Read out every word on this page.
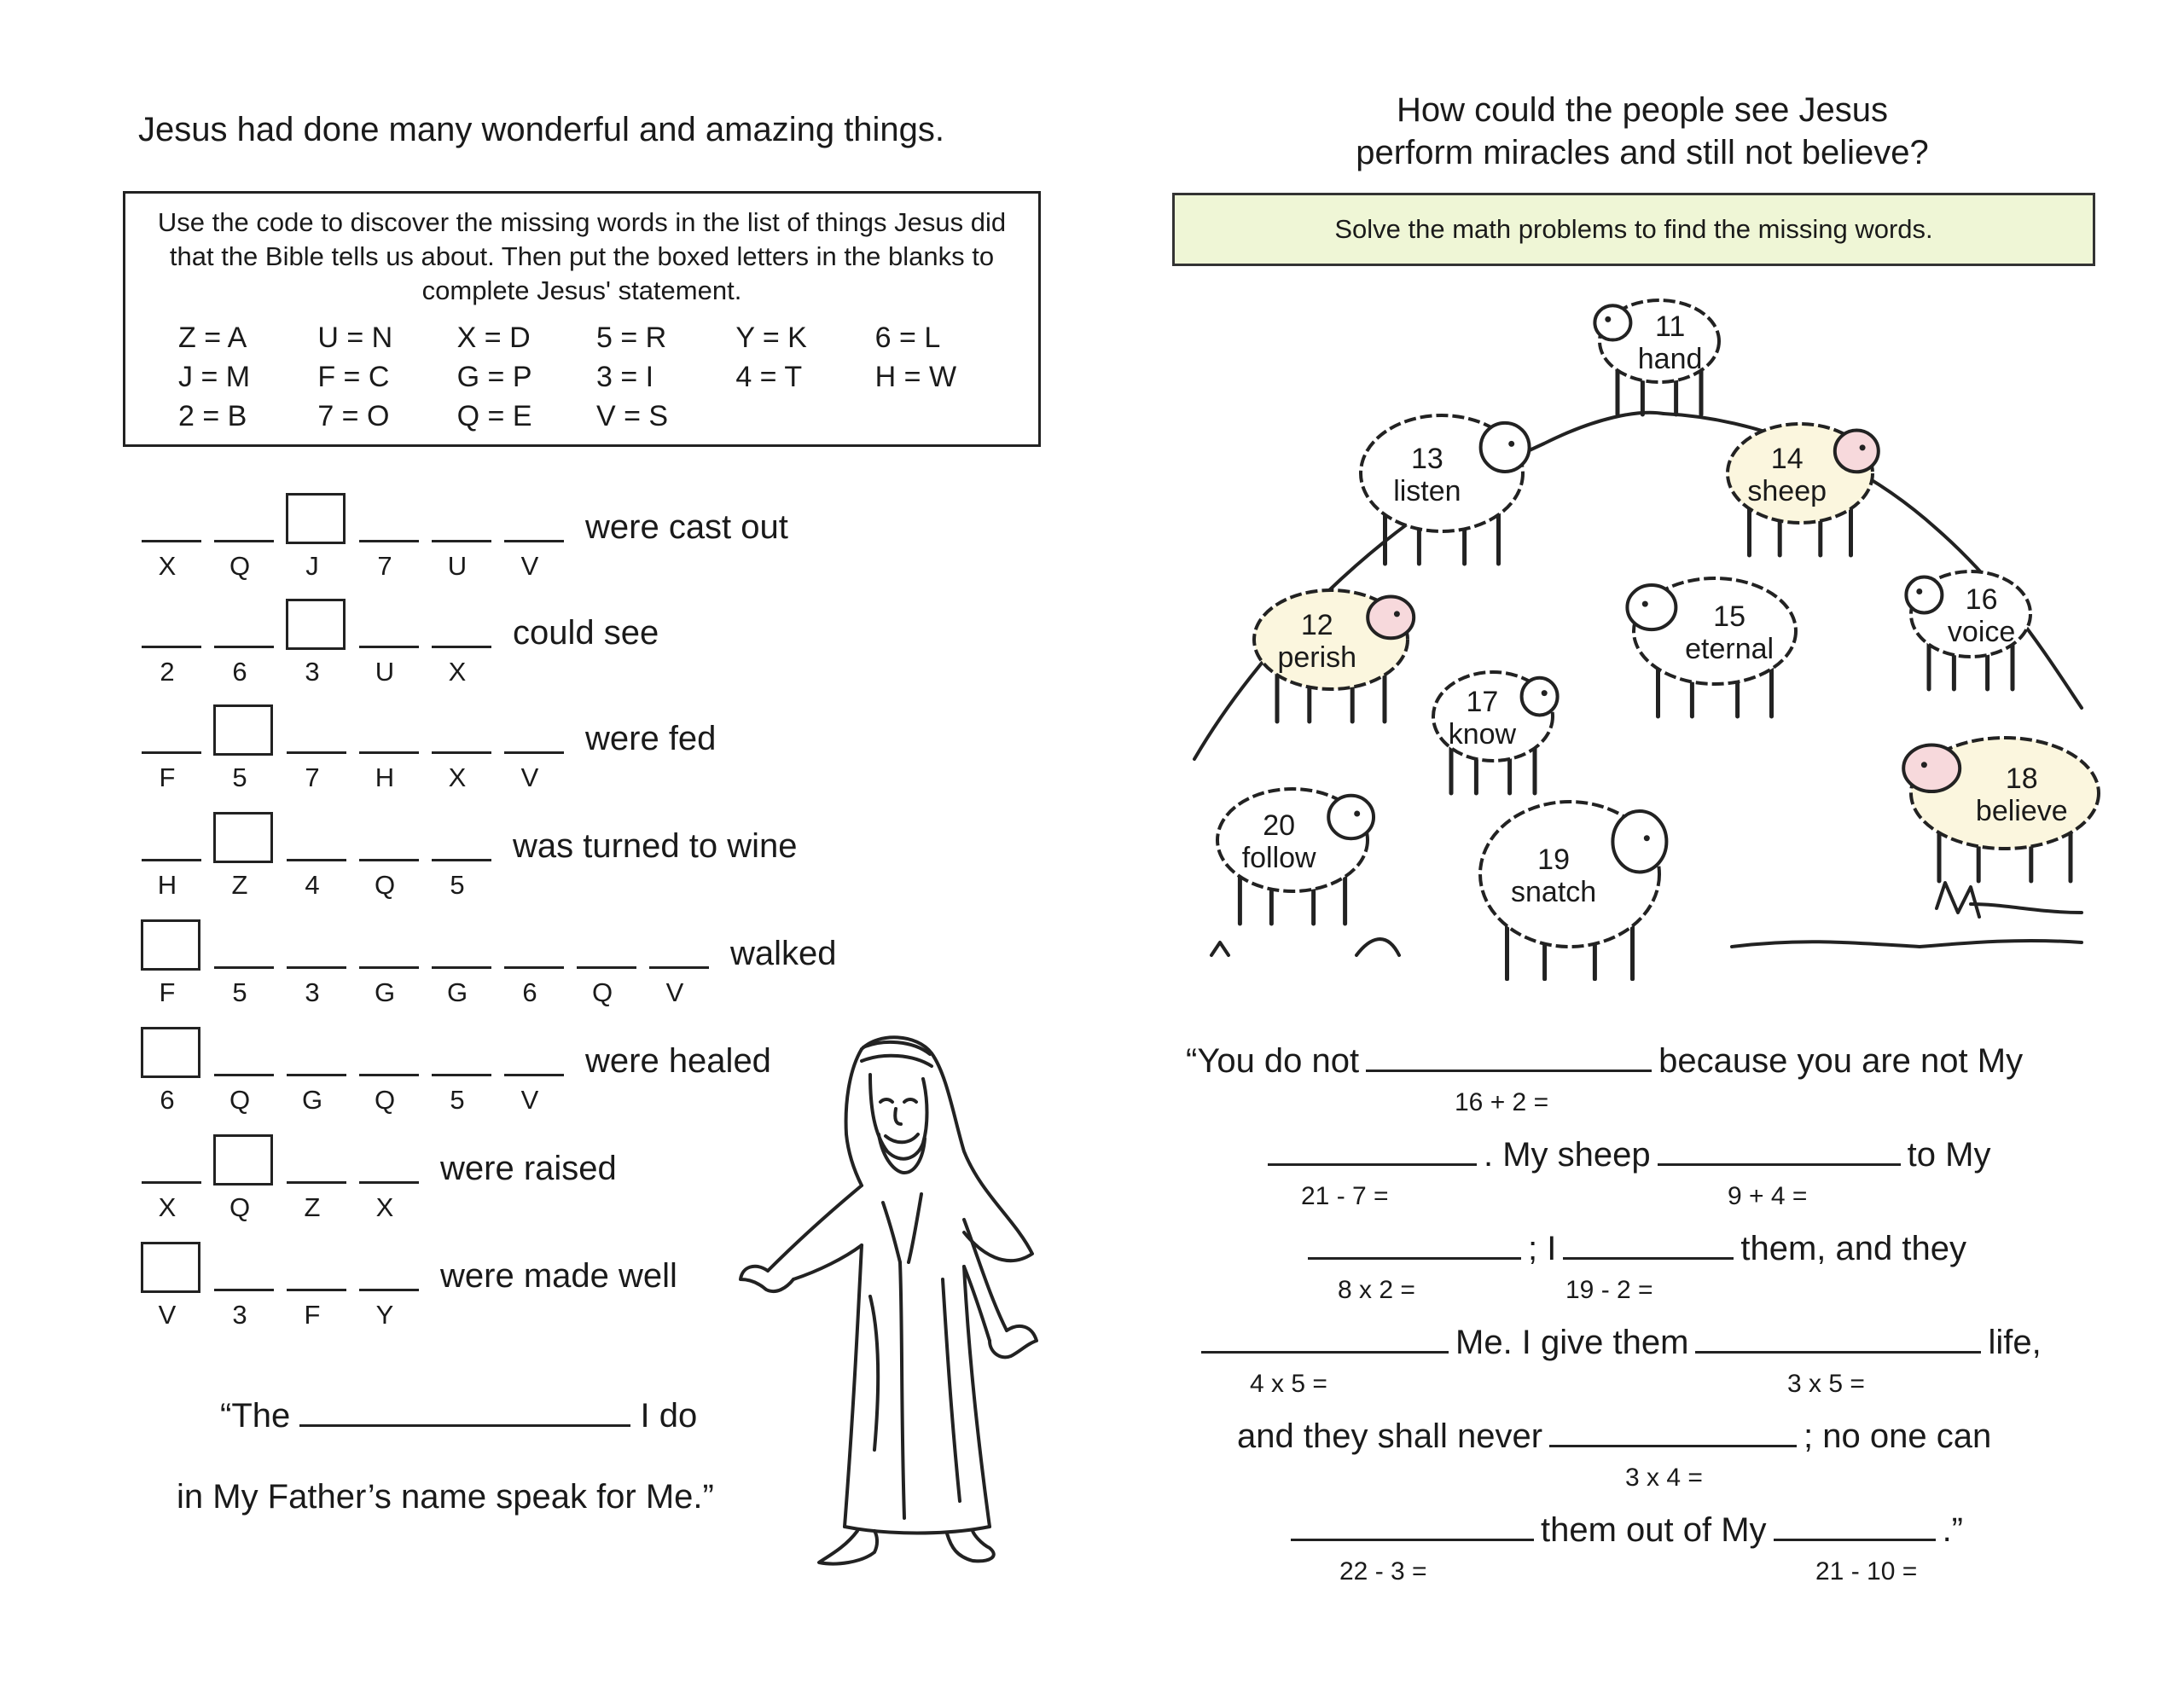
Jesus had done many wonderful and amazing things.
Use the code to discover the missing words in the list of things Jesus did that the Bible tells us about. Then put the boxed letters in the blanks to complete Jesus' statement.
Z = A	U = N	X = D	5 = R	Y = K	6 = L
J = M	F = C	G = P	3 = I	4 = T	H = W
2 = B	7 = O	Q = E	V = S
X	Q	J	7	U	V
were cast out
2	6	3	U	X
could see
F	5	7	H	X	V
were fed
H	Z	4	Q	5
was turned to wine
F	5	3	G	G	6	Q	V
walked
6	Q	G	Q	5	V
were healed
X	Q	Z	X
were raised
V	3	F	Y
were made well
“The	I do
in My Father’s name speak for Me.”
How could the people see Jesus
perform miracles and still not believe?
Solve the math problems to find the missing words.
11
hand
13
listen
14
sheep
12
perish
15
eternal
16
voice
17
know
18
believe
20
follow	19
snatch
“You do not	because you are not My
. My sheep	to My
; I	them, and they
Me. I give them	life,
and they shall never	; no one can
them out of My	.”
16 + 2 =
21 - 7 =	9 + 4 =
8 x 2 =	19 - 2 =
4 x 5 =	3 x 5 =
3 x 4 =
22 - 3 =	21 - 10 =
